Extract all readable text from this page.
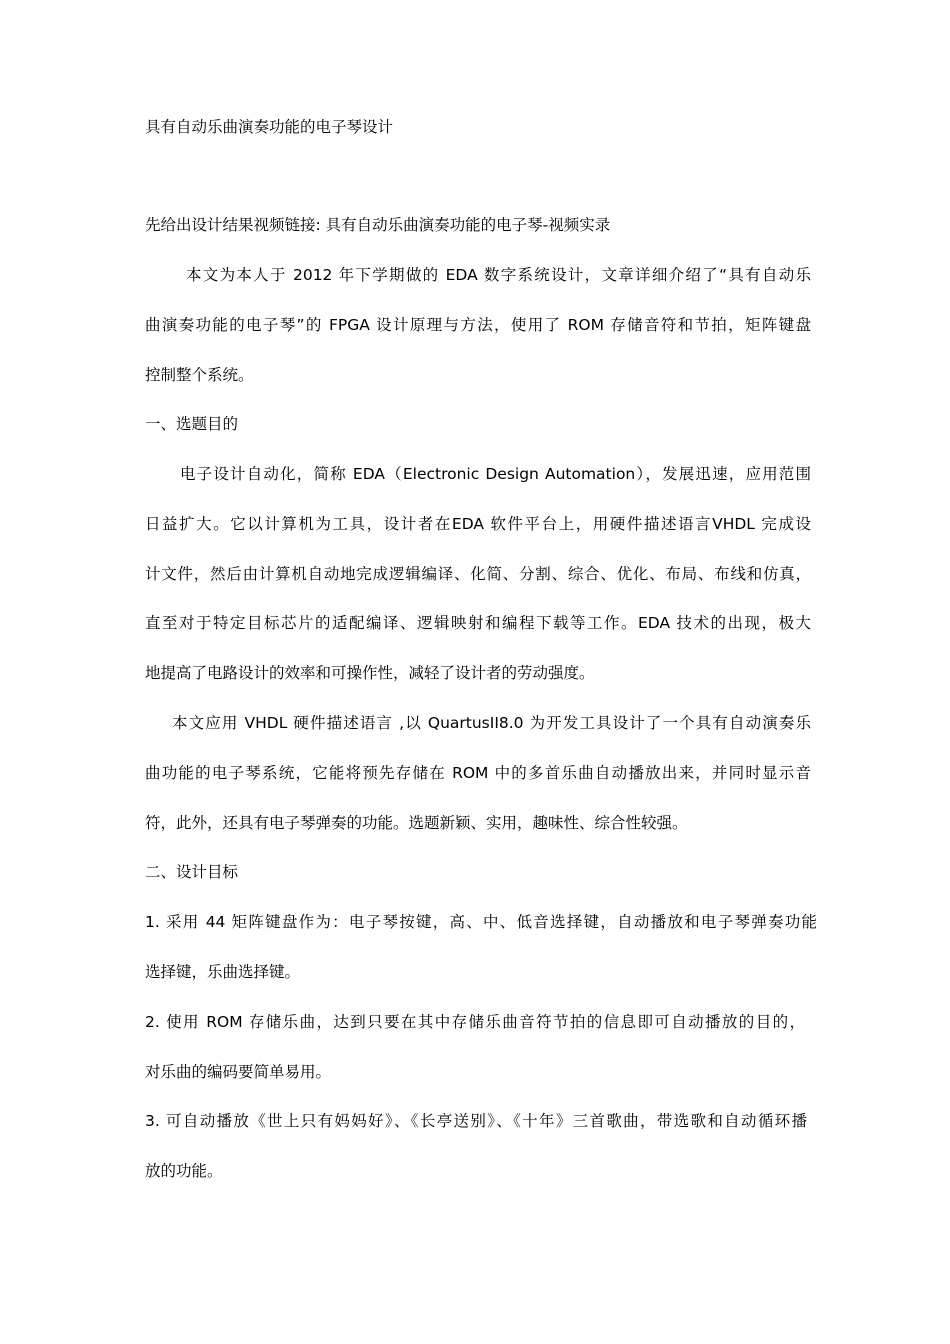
具有自动乐曲演奏功能的电子琴设计
先给出设计结果视频链接: 具有自动乐曲演奏功能的电子琴-视频实录
本文为本人于 2012 年下学期做的 EDA 数字系统设计，文章详细介绍了“具有自动乐
曲演奏功能的电子琴”的 FPGA 设计原理与方法，使用了 ROM 存储音符和节拍，矩阵键盘
控制整个系统。
一、选题目的
电子设计自动化，简称 EDA（Electronic Design Automation），发展迅速，应用范围
日益扩大。它以计算机为工具，设计者在EDA 软件平台上，用硬件描述语言VHDL 完成设
计文件，然后由计算机自动地完成逻辑编译、化简、分割、综合、优化、布局、布线和仿真，
直至对于特定目标芯片的适配编译、逻辑映射和编程下载等工作。EDA 技术的出现，极大
地提高了电路设计的效率和可操作性，减轻了设计者的劳动强度。
本文应用 VHDL 硬件描述语言 ,以 QuartusII8.0 为开发工具设计了一个具有自动演奏乐
曲功能的电子琴系统，它能将预先存储在 ROM 中的多首乐曲自动播放出来，并同时显示音
符，此外，还具有电子琴弹奏的功能。选题新颖、实用，趣味性、综合性较强。
二、设计目标
1. 采用 44 矩阵键盘作为：电子琴按键，高、中、低音选择键，自动播放和电子琴弹奏功能
选择键，乐曲选择键。
2. 使用 ROM 存储乐曲，达到只要在其中存储乐曲音符节拍的信息即可自动播放的目的，
对乐曲的编码要简单易用。
3. 可自动播放《世上只有妈妈好》、《长亭送别》、《十年》三首歌曲，带选歌和自动循环播
放的功能。
